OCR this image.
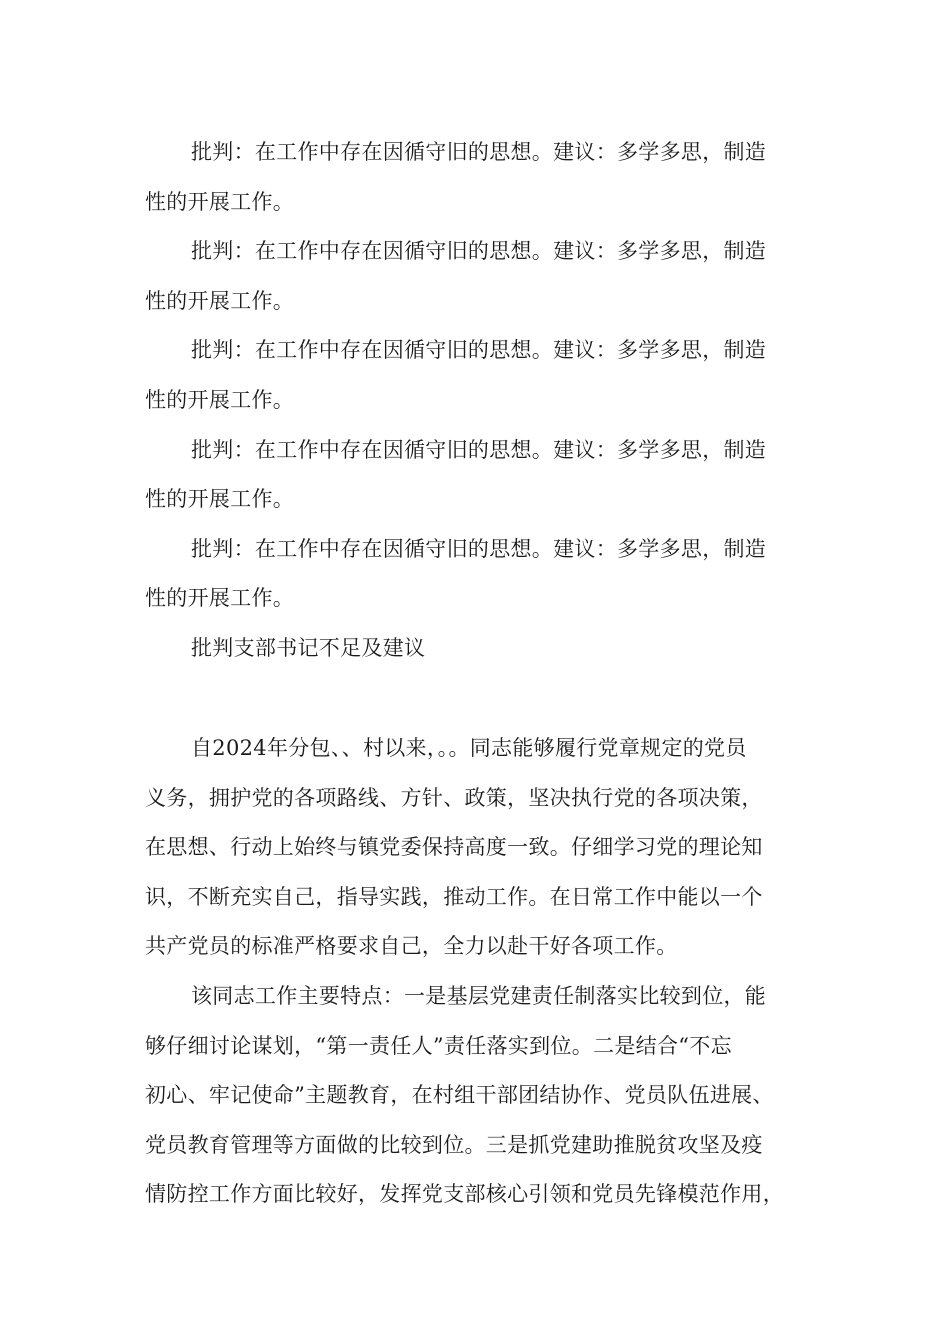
批判：在工作中存在因循守旧的思想。建议：多学多思，制造
性的开展工作。
批判：在工作中存在因循守旧的思想。建议：多学多思，制造
性的开展工作。
批判：在工作中存在因循守旧的思想。建议：多学多思，制造
性的开展工作。
批判：在工作中存在因循守旧的思想。建议：多学多思，制造
性的开展工作。
批判：在工作中存在因循守旧的思想。建议：多学多思，制造
性的开展工作。
批判支部书记不足及建议
自2024年分包、、村以来，。。同志能够履行党章规定的党员
义务，拥护党的各项路线、方针、政策，坚决执行党的各项决策，
在思想、行动上始终与镇党委保持高度一致。仔细学习党的理论知
识，不断充实自己，指导实践，推动工作。在日常工作中能以一个
共产党员的标准严格要求自己，全力以赴干好各项工作。
该同志工作主要特点：一是基层党建责任制落实比较到位，能
够仔细讨论谋划，“第一责任人”责任落实到位。二是结合“不忘
初心、牢记使命”主题教育，在村组干部团结协作、党员队伍进展、
党员教育管理等方面做的比较到位。三是抓党建助推脱贫攻坚及疫
情防控工作方面比较好，发挥党支部核心引领和党员先锋模范作用，
